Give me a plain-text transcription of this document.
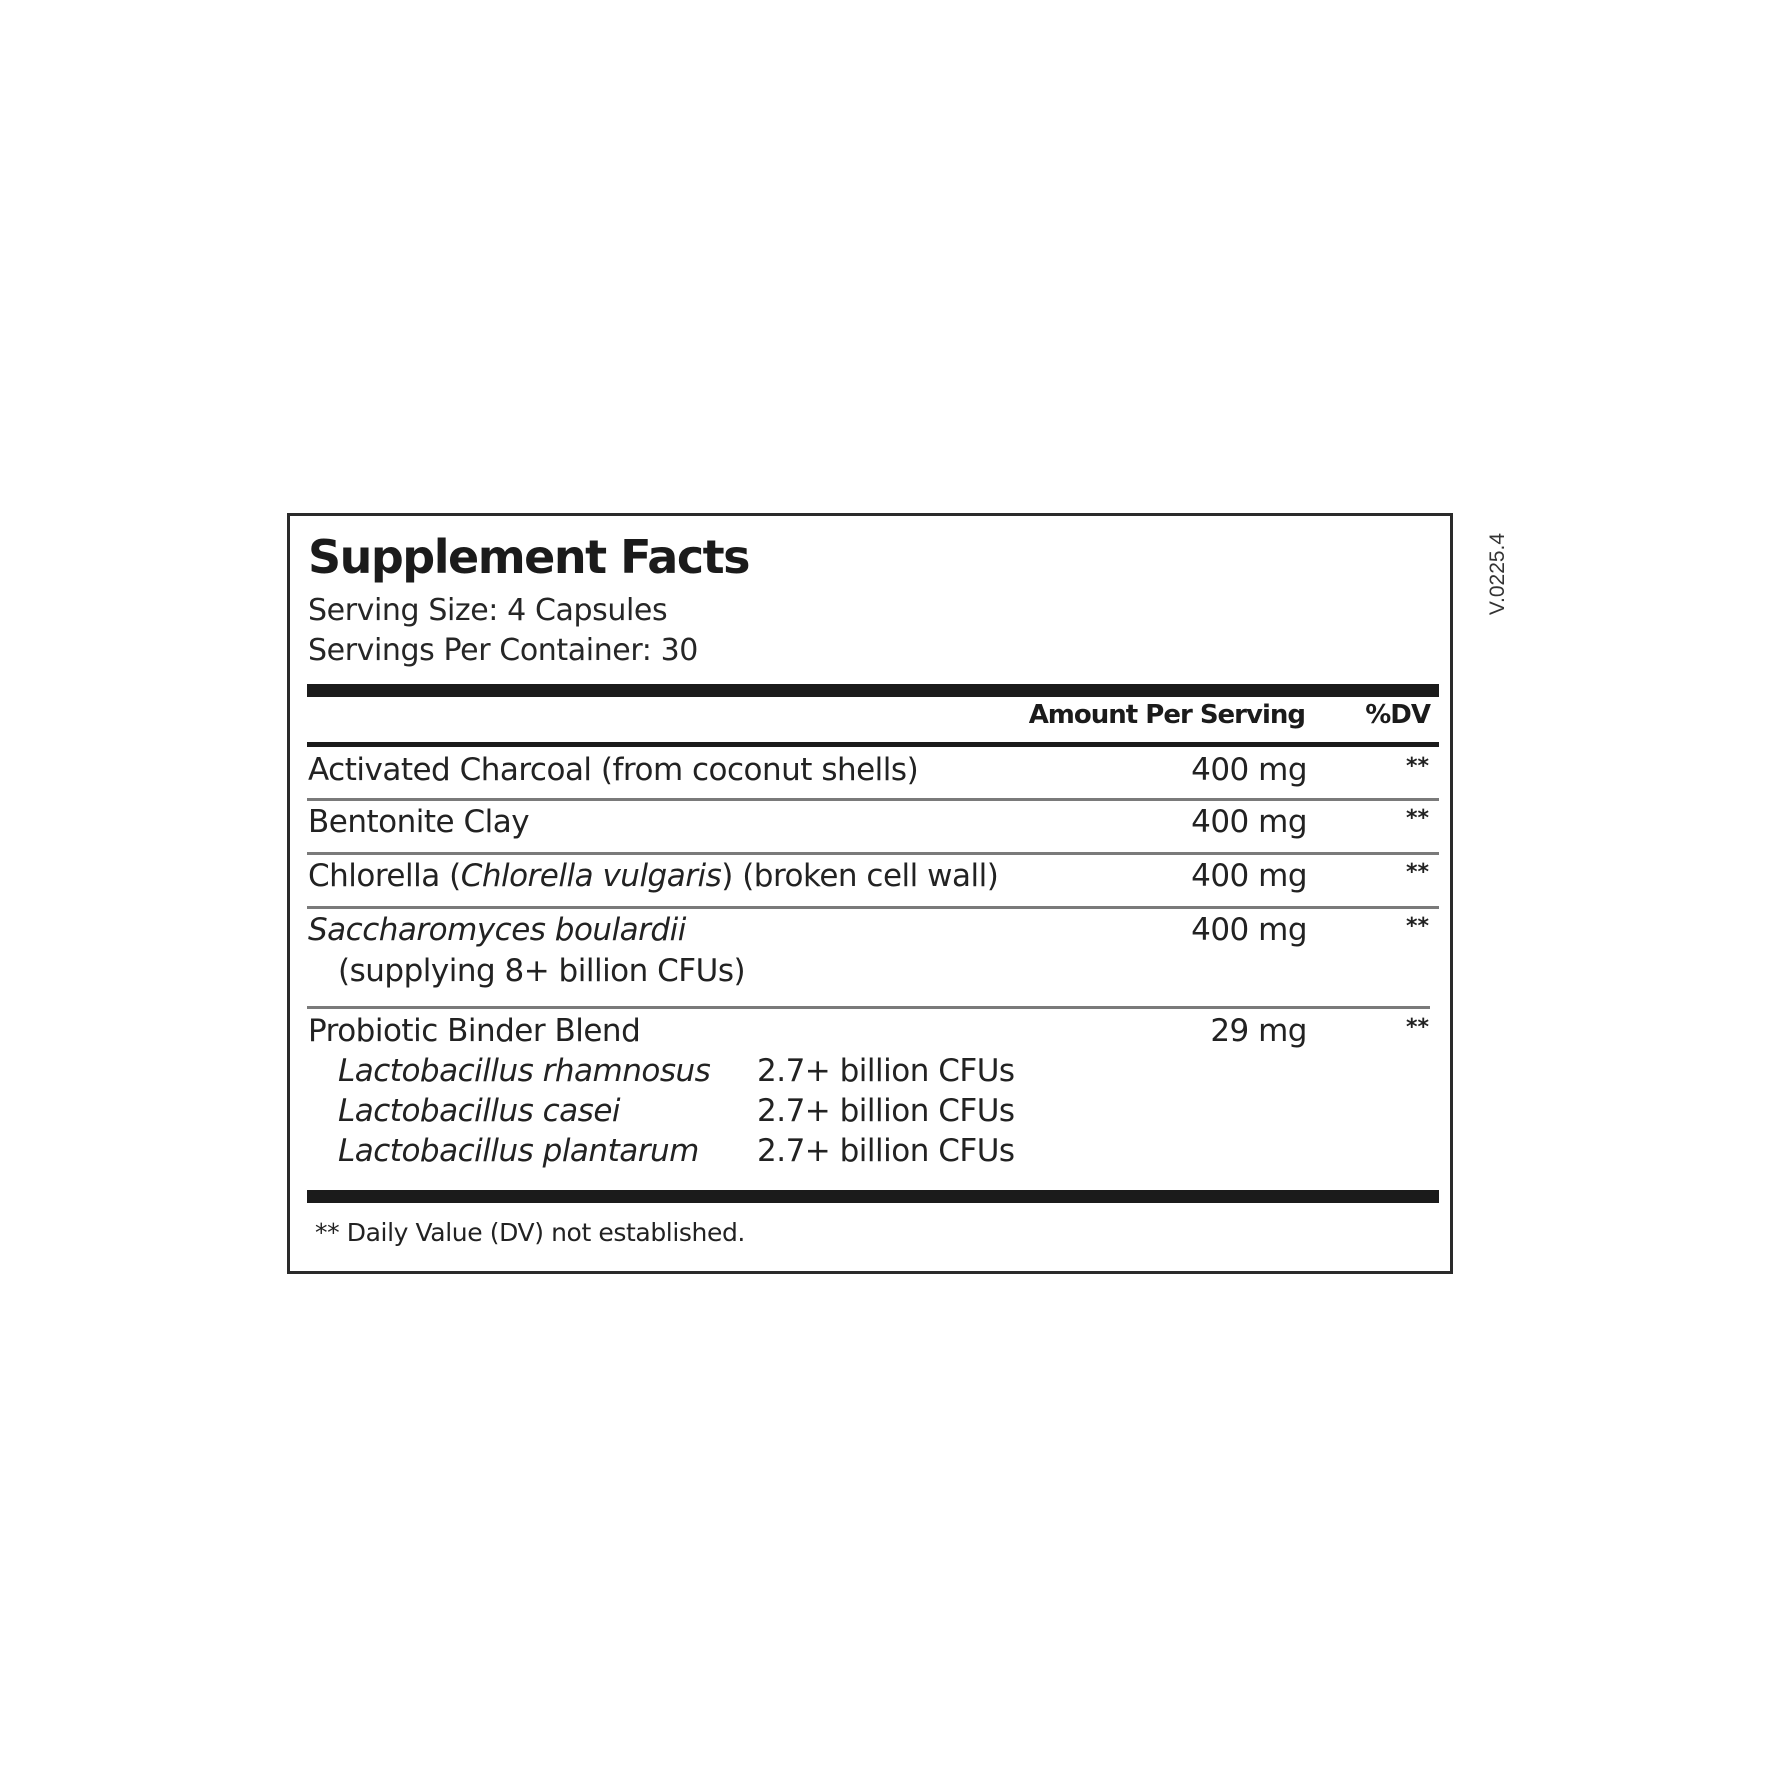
Supplement Facts
Serving Size: 4 Capsules
Servings Per Container: 30
Amount Per Serving %DV
Activated Charcoal (from coconut shells)	400 mg	**
Bentonite Clay	400 mg	**
Chlorella (Chlorella vulgaris) (broken cell wall)	400 mg	**
Saccharomyces boulardii
(supplying 8+ billion CFUs)
400 mg	**
Probiotic Binder Blend	29 mg	**
Lactobacillus rhamnosus 2.7+ billion CFUs
Lactobacillus casei	2.7+ billion CFUs
Lactobacillus plantarum 2.7+ billion CFUs
** Daily Value (DV) not established.
V.0225.4
